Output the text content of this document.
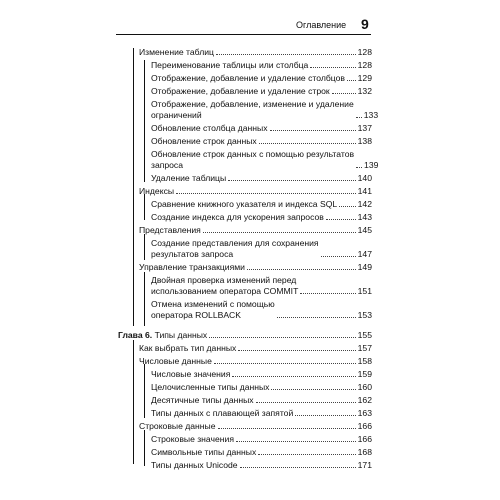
Оглавление 9
Изменение таблиц	128
Переименование таблицы или столбца	128
Отображение, добавление и удаление столбцов 129
Отображение, добавление и удаление строк	132
Отображение, добавление, изменение и удаление
ограничений	133
Обновление столбца данных	137
Обновление строк данных	138
Обновление строк данных с помощью результатов
запроса	139
Удаление таблицы	140
Индексы	141
Сравнение книжного указателя и индекса SQL 142
Создание индекса для ускорения запросов	143
Представления	145
Создание представления для сохранения
результатов запроса	147
Управление транзакциями	149
Двойная проверка изменений перед
использованием оператора COMMIT	151
Отмена изменений с помощью
оператора ROLLBACK	153
Глава 6. Типы данных	155
Как выбрать тип данных	157
Числовые данные	158
Числовые значения	159
Целочисленные типы данных	160
Десятичные типы данных	162
Типы данных с плавающей запятой	163
Строковые данные	166
Строковые значения	166
Символьные типы данных	168
Типы данных Unicode	171
